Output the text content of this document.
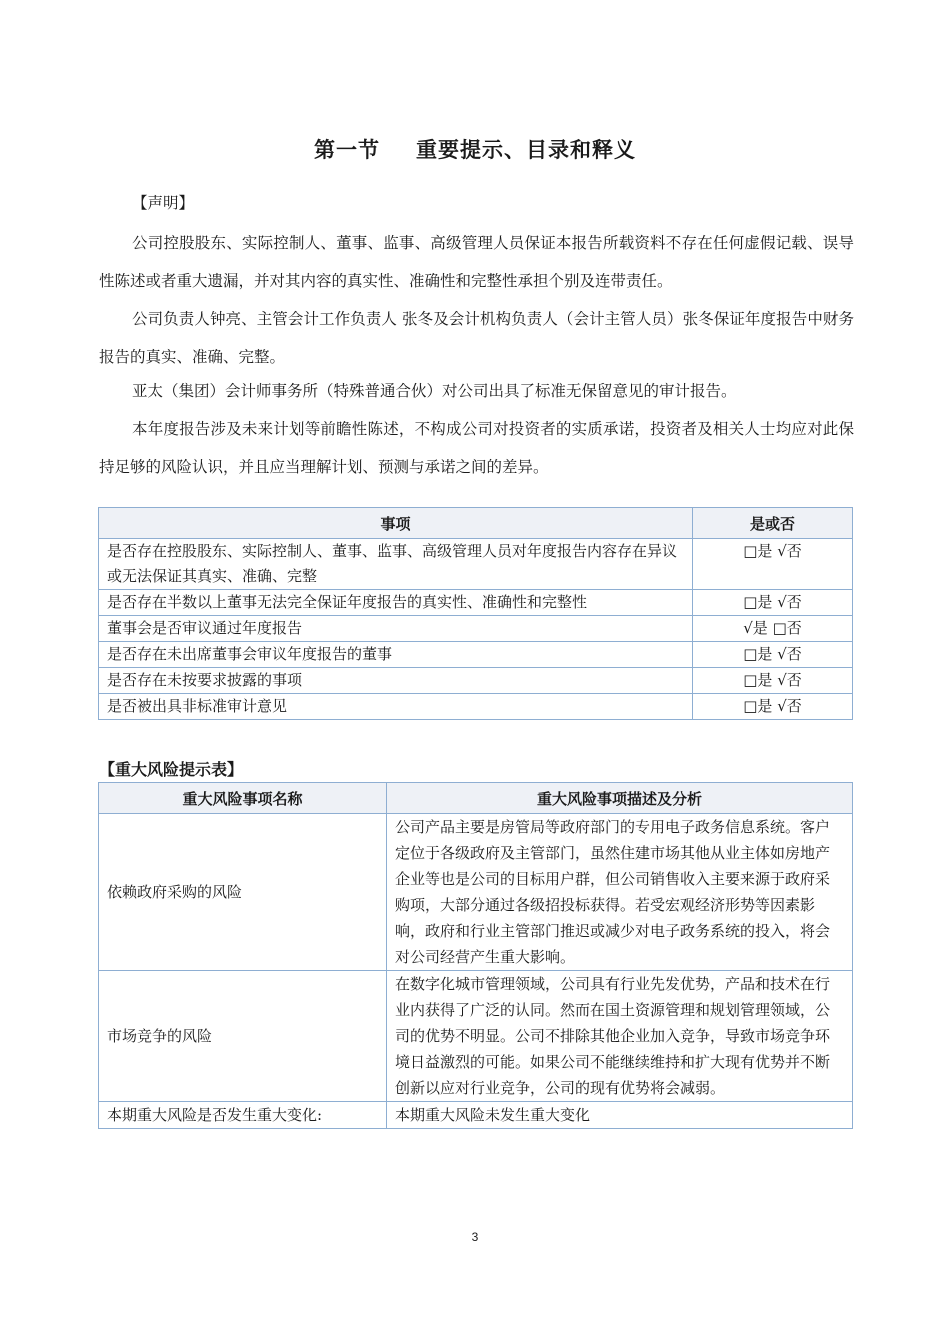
第一节 重要提示、目录和释义
【声明】
公司控股股东、实际控制人、董事、监事、高级管理人员保证本报告所载资料不存在任何虚假记载、误导性陈述或者重大遗漏，并对其内容的真实性、准确性和完整性承担个别及连带责任。
公司负责人钟亮、主管会计工作负责人 张冬及会计机构负责人（会计主管人员）张冬保证年度报告中财务报告的真实、准确、完整。
亚太（集团）会计师事务所（特殊普通合伙）对公司出具了标准无保留意见的审计报告。
本年度报告涉及未来计划等前瞻性陈述，不构成公司对投资者的实质承诺，投资者及相关人士均应对此保持足够的风险认识，并且应当理解计划、预测与承诺之间的差异。
事项	是或否
是否存在控股股东、实际控制人、董事、监事、高级管理人员对年度报告内容存在异议或无法保证其真实、准确、完整	□是 √否
是否存在半数以上董事无法完全保证年度报告的真实性、准确性和完整性	□是 √否
董事会是否审议通过年度报告	√是 □否
是否存在未出席董事会审议年度报告的董事	□是 √否
是否存在未按要求披露的事项	□是 √否
是否被出具非标准审计意见	□是 √否
【重大风险提示表】
重大风险事项名称	重大风险事项描述及分析
依赖政府采购的风险	公司产品主要是房管局等政府部门的专用电子政务信息系统。客户定位于各级政府及主管部门，虽然住建市场其他从业主体如房地产企业等也是公司的目标用户群，但公司销售收入主要来源于政府采购项，大部分通过各级招投标获得。若受宏观经济形势等因素影响，政府和行业主管部门推迟或减少对电子政务系统的投入，将会对公司经营产生重大影响。
市场竞争的风险	在数字化城市管理领域，公司具有行业先发优势，产品和技术在行业内获得了广泛的认同。然而在国土资源管理和规划管理领域，公司的优势不明显。公司不排除其他企业加入竞争，导致市场竞争环境日益激烈的可能。如果公司不能继续维持和扩大现有优势并不断创新以应对行业竞争，公司的现有优势将会减弱。
本期重大风险是否发生重大变化:	本期重大风险未发生重大变化
3
